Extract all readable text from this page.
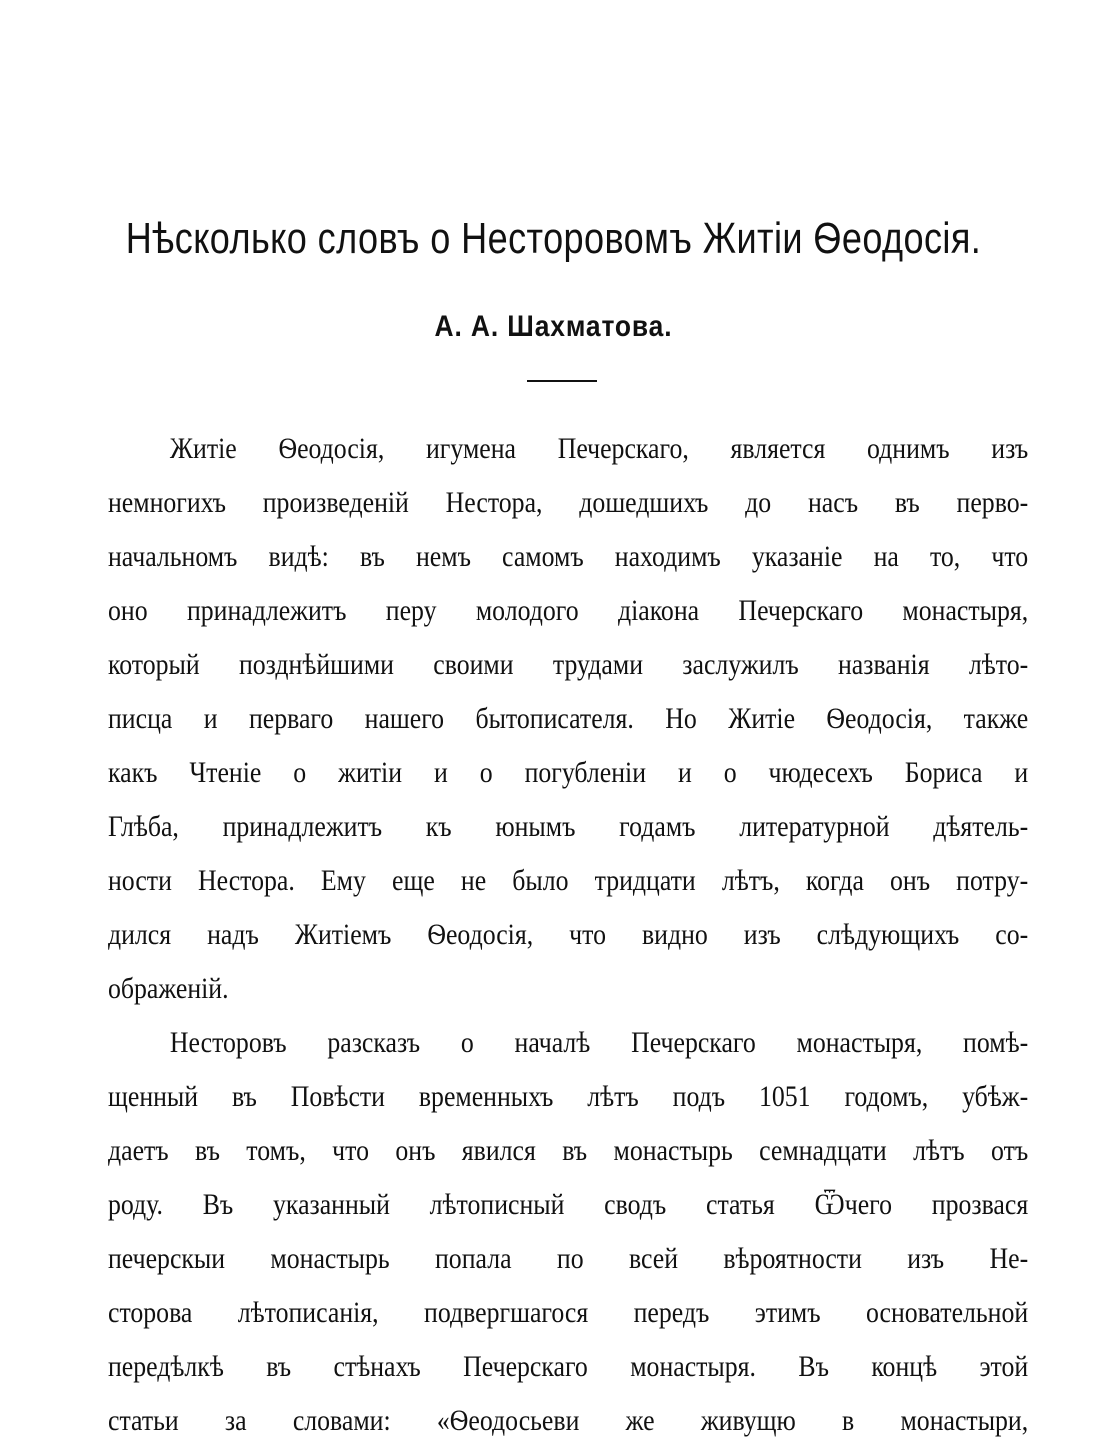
Нѣсколько словъ о Несторовомъ Житіи Ѳеодосія.
А. А. Шахматова.
Житіе Ѳеодосія, игумена Печерскаго, является однимъ изъ
немногихъ произведеній Нестора, дошедшихъ до насъ въ перво-
начальномъ видѣ: въ немъ самомъ находимъ указаніе на то, что
оно принадлежитъ перу молодого діакона Печерскаго монастыря,
который позднѣйшими своими трудами заслужилъ названія лѣто-
писца и перваго нашего бытописателя. Но Житіе Ѳеодосія, также
какъ Чтеніе о житіи и о погубленіи и о чюдесехъ Бориса и
Глѣба, принадлежитъ къ юнымъ годамъ литературной дѣятель-
ности Нестора. Ему еще не было тридцати лѣтъ, когда онъ потру-
дился надъ Житіемъ Ѳеодосія, что видно изъ слѣдующихъ со-
ображеній.
Несторовъ разсказъ о началѣ Печерскаго монастыря, помѣ-
щенный въ Повѣсти временныхъ лѣтъ подъ 1051 годомъ, убѣж-
даетъ въ томъ, что онъ явился въ монастырь семнадцати лѣтъ отъ
роду. Въ указанный лѣтописный сводъ статья Ѿчего прозвася
печерскыи монастырь попала по всей вѣроятности изъ Не-
сторова лѣтописанія, подвергшагося передъ этимъ основательной
передѣлкѣ въ стѣнахъ Печерскаго монастыря. Въ концѣ этой
статьи за словами: «Ѳеодосьеви же живущю в монастыри,
